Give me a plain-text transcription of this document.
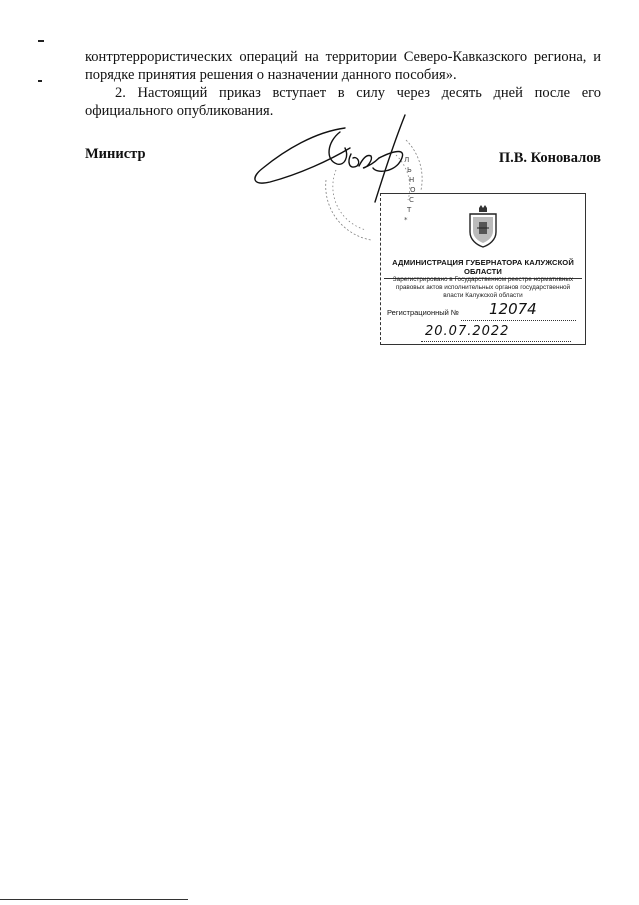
контртеррористических операций на территории Северо-Кавказского региона, и порядке принятия решения о назначении данного пособия».

2. Настоящий приказ вступает в силу через десять дней после его официального опубликования.

Министр	П.В. Коновалов
Л
Ь
Н
О
С
Т
*
АДМИНИСТРАЦИЯ ГУБЕРНАТОРА КАЛУЖСКОЙ ОБЛАСТИ
Зарегистрировано в Государственном реестре нормативных правовых актов исполнительных органов государственной власти Калужской области
Регистрационный № 12074
20.07.2022
